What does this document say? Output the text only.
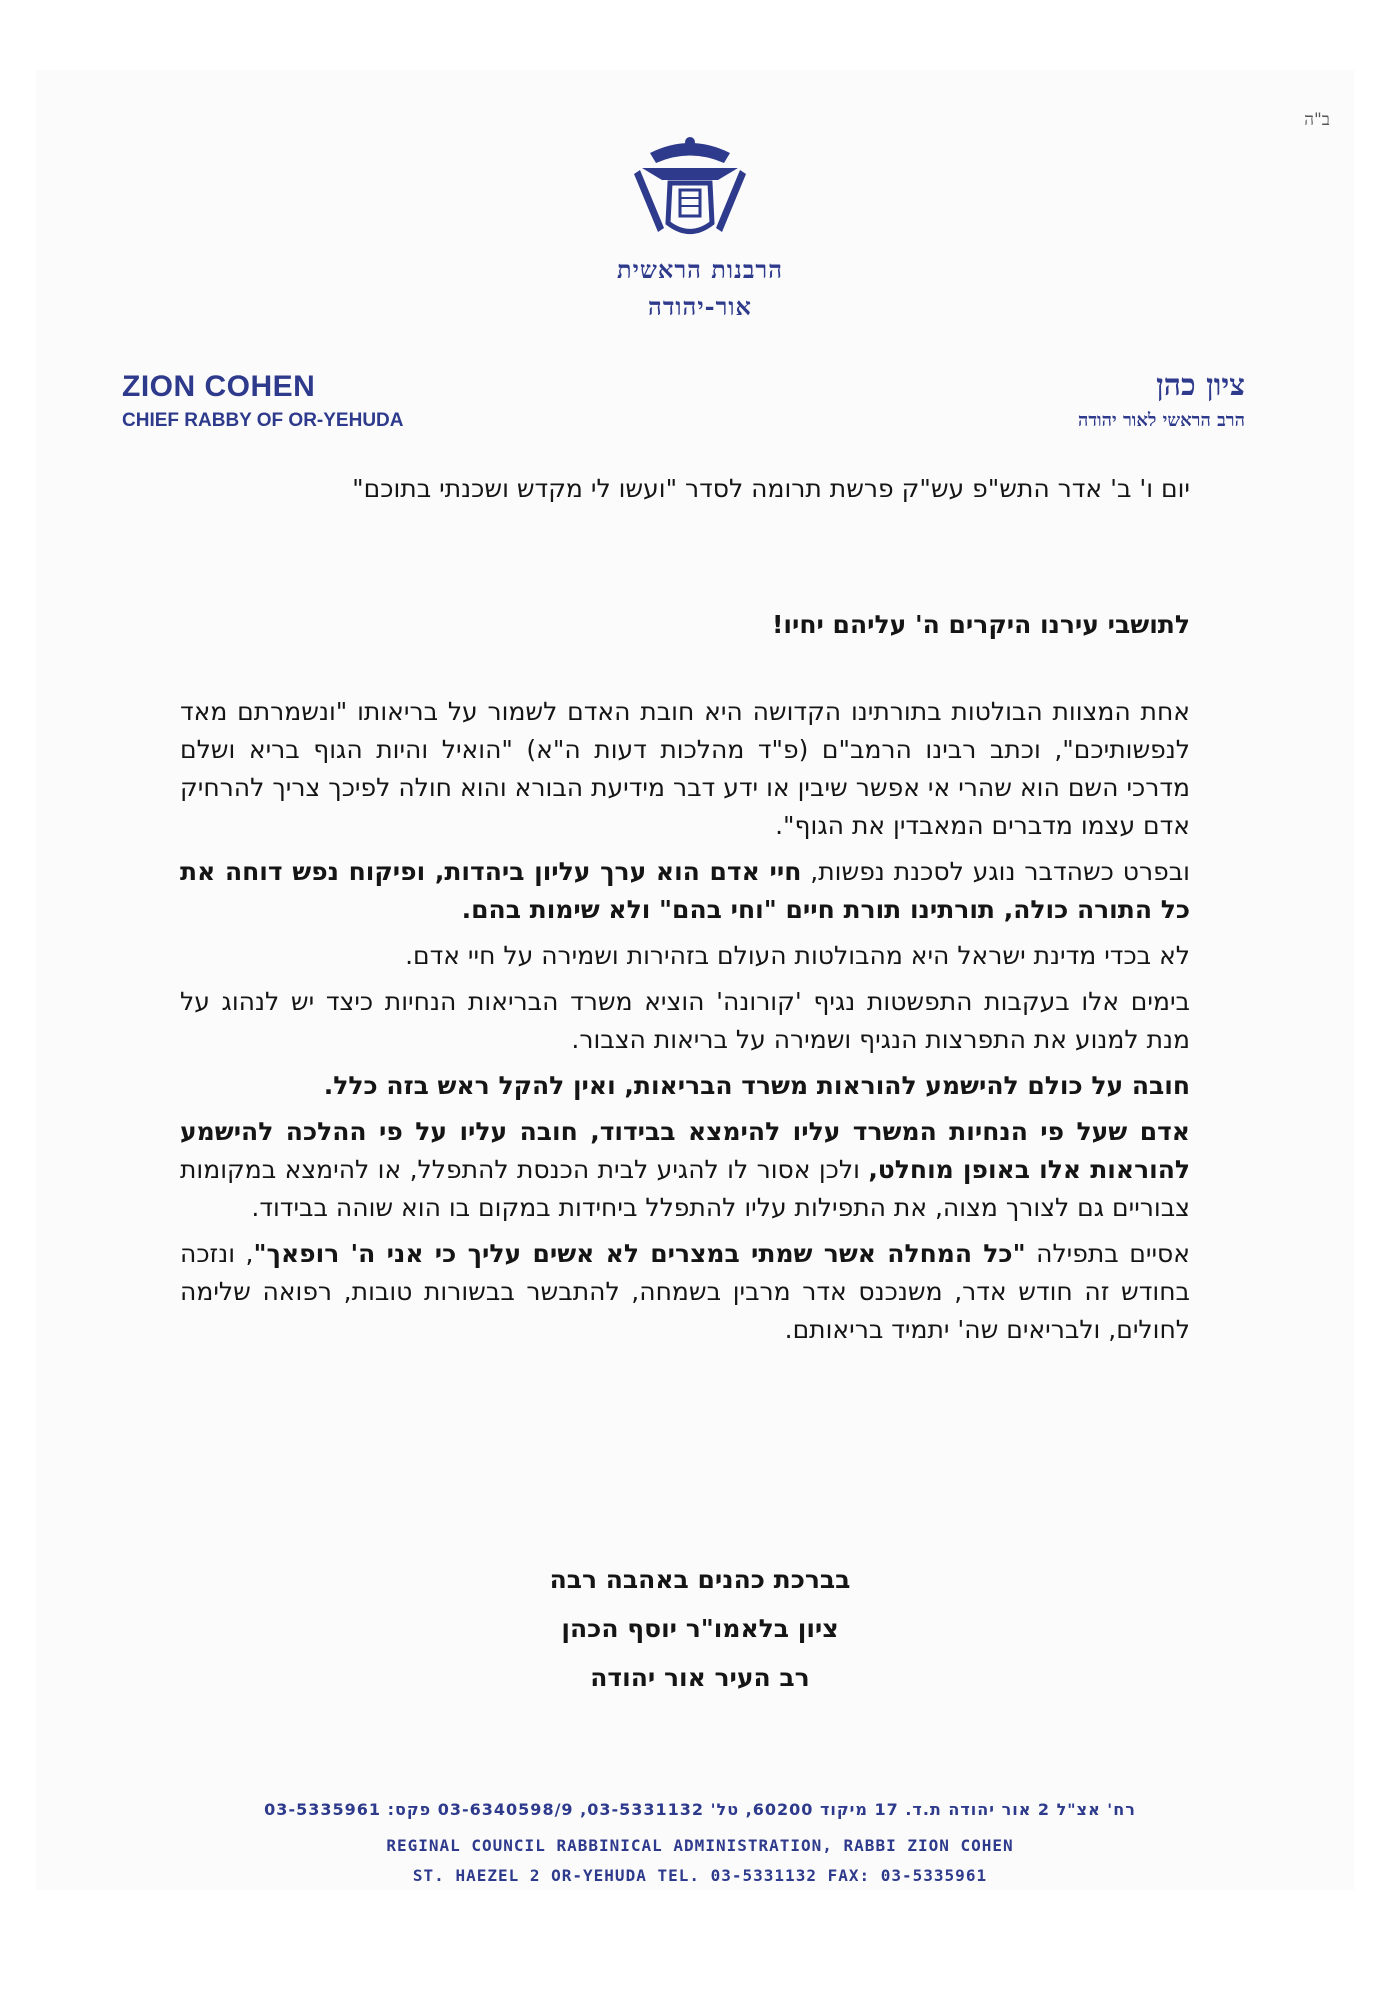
ב"ה
הרבנות הראשית
אור-יהודה
ZION COHEN
CHIEF RABBY OF OR-YEHUDA
ציון כהן
הרב הראשי לאור יהודה
יום ו' ב' אדר התש"פ עש"ק פרשת תרומה לסדר "ועשו לי מקדש ושכנתי בתוכם"
לתושבי עירנו היקרים ה' עליהם יחיו!

אחת המצוות הבולטות בתורתינו הקדושה היא חובת האדם לשמור על בריאותו "ונשמרתם מאד לנפשותיכם", וכתב רבינו הרמב"ם (פ"ד מהלכות דעות ה"א) "הואיל והיות הגוף בריא ושלם מדרכי השם הוא שהרי אי אפשר שיבין או ידע דבר מידיעת הבורא והוא חולה לפיכך צריך להרחיק אדם עצמו מדברים המאבדין את הגוף".

ובפרט כשהדבר נוגע לסכנת נפשות, חיי אדם הוא ערך עליון ביהדות, ופיקוח נפש דוחה את כל התורה כולה, תורתינו תורת חיים "וחי בהם" ולא שימות בהם.

לא בכדי מדינת ישראל היא מהבולטות העולם בזהירות ושמירה על חיי אדם.

בימים אלו בעקבות התפשטות נגיף 'קורונה' הוציא משרד הבריאות הנחיות כיצד יש לנהוג על מנת למנוע את התפרצות הנגיף ושמירה על בריאות הצבור.

חובה על כולם להישמע להוראות משרד הבריאות, ואין להקל ראש בזה כלל.

אדם שעל פי הנחיות המשרד עליו להימצא בבידוד, חובה עליו על פי ההלכה להישמע להוראות אלו באופן מוחלט, ולכן אסור לו להגיע לבית הכנסת להתפלל, או להימצא במקומות צבוריים גם לצורך מצוה, את התפילות עליו להתפלל ביחידות במקום בו הוא שוהה בבידוד.

אסיים בתפילה "כל המחלה אשר שמתי במצרים לא אשים עליך כי אני ה' רופאך", ונזכה בחודש זה חודש אדר, משנכנס אדר מרבין בשמחה, להתבשר בבשורות טובות, רפואה שלימה לחולים, ולבריאים שה' יתמיד בריאותם.

בברכת כהנים באהבה רבה
ציון בלאמו"ר יוסף הכהן
רב העיר אור יהודה
רח' אצ"ל 2 אור יהודה ת.ד. 17 מיקוד 60200, טל' 03-5331132, 03-6340598/9 פקס: 03-5335961
REGINAL COUNCIL RABBINICAL ADMINISTRATION, RABBI ZION COHEN
ST. HAEZEL 2 OR-YEHUDA TEL. 03-5331132 FAX: 03-5335961
